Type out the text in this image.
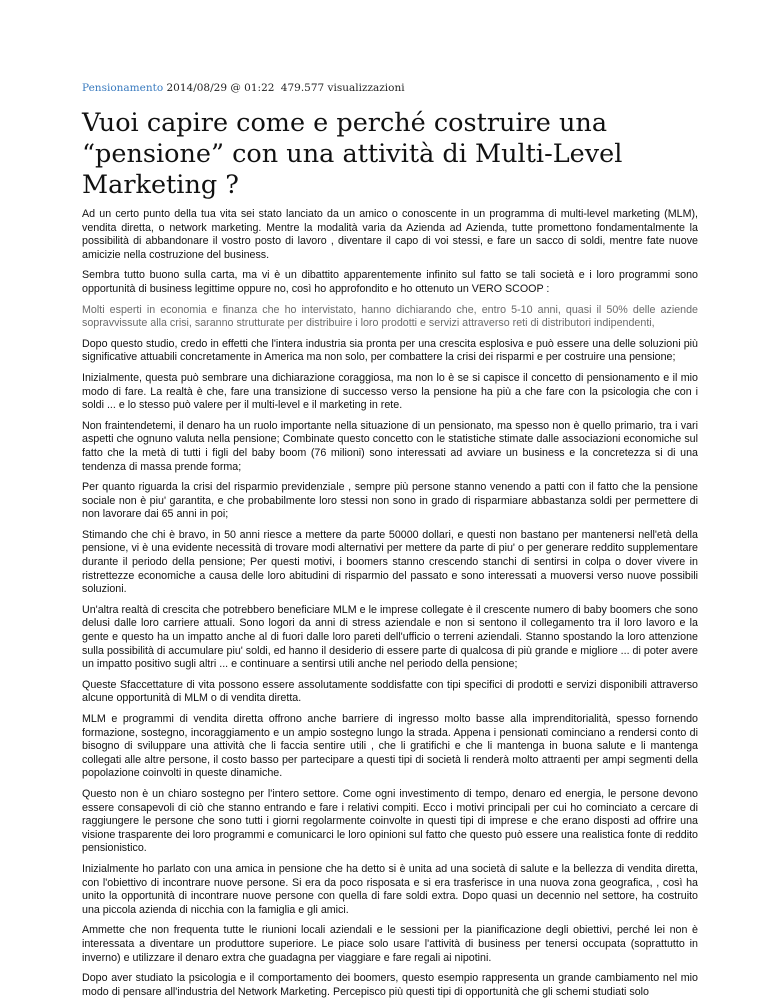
Pensionamento 2014/08/29 @ 01:22 479.577 visualizzazioni
Vuoi capire come e perché costruire una “pensione” con una attività di Multi-Level Marketing ?

Ad un certo punto della tua vita sei stato lanciato da un amico o conoscente in un programma di multi-level marketing (MLM), vendita diretta, o network marketing. Mentre la modalità varia da Azienda ad Azienda, tutte promettono fondamentalmente la possibilità di abbandonare il vostro posto di lavoro , diventare il capo di voi stessi, e fare un sacco di soldi, mentre fate nuove amicizie nella costruzione del business.

Sembra tutto buono sulla carta, ma vi è un dibattito apparentemente infinito sul fatto se tali società e i loro programmi sono opportunità di business legittime oppure no, così ho approfondito e ho ottenuto un VERO SCOOP :

Molti esperti in economia e finanza che ho intervistato, hanno dichiarando che, entro 5-10 anni, quasi il 50% delle aziende sopravvissute alla crisi, saranno strutturate per distribuire i loro prodotti e servizi attraverso reti di distributori indipendenti,

Dopo questo studio, credo in effetti che l'intera industria sia pronta per una crescita esplosiva e può essere una delle soluzioni più significative attuabili concretamente in America ma non solo, per combattere la crisi dei risparmi e per costruire una pensione;

Inizialmente, questa può sembrare una dichiarazione coraggiosa, ma non lo è se si capisce il concetto di pensionamento e il mio modo di fare. La realtà è che, fare una transizione di successo verso la pensione ha più a che fare con la psicologia che con i soldi ... e lo stesso può valere per il multi-level e il marketing in rete.

Non fraintendetemi, il denaro ha un ruolo importante nella situazione di un pensionato, ma spesso non è quello primario, tra i vari aspetti che ognuno valuta nella pensione; Combinate questo concetto con le statistiche stimate dalle associazioni economiche sul fatto che la metà di tutti i figli del baby boom (76 milioni) sono interessati ad avviare un business e la concretezza si di una tendenza di massa prende forma;

Per quanto riguarda la crisi del risparmio previdenziale , sempre più persone stanno venendo a patti con il fatto che la pensione sociale non è piu' garantita, e che probabilmente loro stessi non sono in grado di risparmiare abbastanza soldi per permettere di non lavorare dai 65 anni in poi;

Stimando che chi è bravo, in 50 anni riesce a mettere da parte 50000 dollari, e questi non bastano per mantenersi nell'età della pensione, vi è una evidente necessità di trovare modi alternativi per mettere da parte di piu' o per generare reddito supplementare durante il periodo della pensione; Per questi motivi, i boomers stanno crescendo stanchi di sentirsi in colpa o dover vivere in ristrettezze economiche a causa delle loro abitudini di risparmio del passato e sono interessati a muoversi verso nuove possibili soluzioni.

Un'altra realtà di crescita che potrebbero beneficiare MLM e le imprese collegate è il crescente numero di baby boomers che sono delusi dalle loro carriere attuali. Sono logori da anni di stress aziendale e non si sentono il collegamento tra il loro lavoro e la gente e questo ha un impatto anche al di fuori dalle loro pareti dell'ufficio o terreni aziendali. Stanno spostando la loro attenzione sulla possibilità di accumulare piu' soldi, ed hanno il desiderio di essere parte di qualcosa di più grande e migliore ... di poter avere un impatto positivo sugli altri ... e continuare a sentirsi utili anche nel periodo della pensione;

Queste Sfaccettature di vita possono essere assolutamente soddisfatte con tipi specifici di prodotti e servizi disponibili attraverso alcune opportunità di MLM o di vendita diretta.

MLM e programmi di vendita diretta offrono anche barriere di ingresso molto basse alla imprenditorialità, spesso fornendo formazione, sostegno, incoraggiamento e un ampio sostegno lungo la strada. Appena i pensionati cominciano a rendersi conto di bisogno di sviluppare una attività che li faccia sentire utili , che li gratifichi e che li mantenga in buona salute e li mantenga collegati alle altre persone, il costo basso per partecipare a questi tipi di società li renderà molto attraenti per ampi segmenti della popolazione coinvolti in queste dinamiche.

Questo non è un chiaro sostegno per l'intero settore. Come ogni investimento di tempo, denaro ed energia, le persone devono essere consapevoli di ciò che stanno entrando e fare i relativi compiti. Ecco i motivi principali per cui ho cominciato a cercare di raggiungere le persone che sono tutti i giorni regolarmente coinvolte in questi tipi di imprese e che erano disposti ad offrire una visione trasparente dei loro programmi e comunicarci le loro opinioni sul fatto che questo può essere una realistica fonte di reddito pensionistico.

Inizialmente ho parlato con una amica in pensione che ha detto si è unita ad una società di salute e la bellezza di vendita diretta, con l'obiettivo di incontrare nuove persone. Si era da poco risposata e si era trasferisce in una nuova zona geografica, , così ha unito la opportunità di incontrare nuove persone con quella di fare soldi extra. Dopo quasi un decennio nel settore, ha costruito una piccola azienda di nicchia con la famiglia e gli amici.

Ammette che non frequenta tutte le riunioni locali aziendali e le sessioni per la pianificazione degli obiettivi, perché lei non è interessata a diventare un produttore superiore. Le piace solo usare l'attività di business per tenersi occupata (soprattutto in inverno) e utilizzare il denaro extra che guadagna per viaggiare e fare regali ai nipotini.

Dopo aver studiato la psicologia e il comportamento dei boomers, questo esempio rappresenta un grande cambiamento nel mio modo di pensare all'industria del Network Marketing. Percepisco più questi tipi di opportunità che gli schemi studiati solo
